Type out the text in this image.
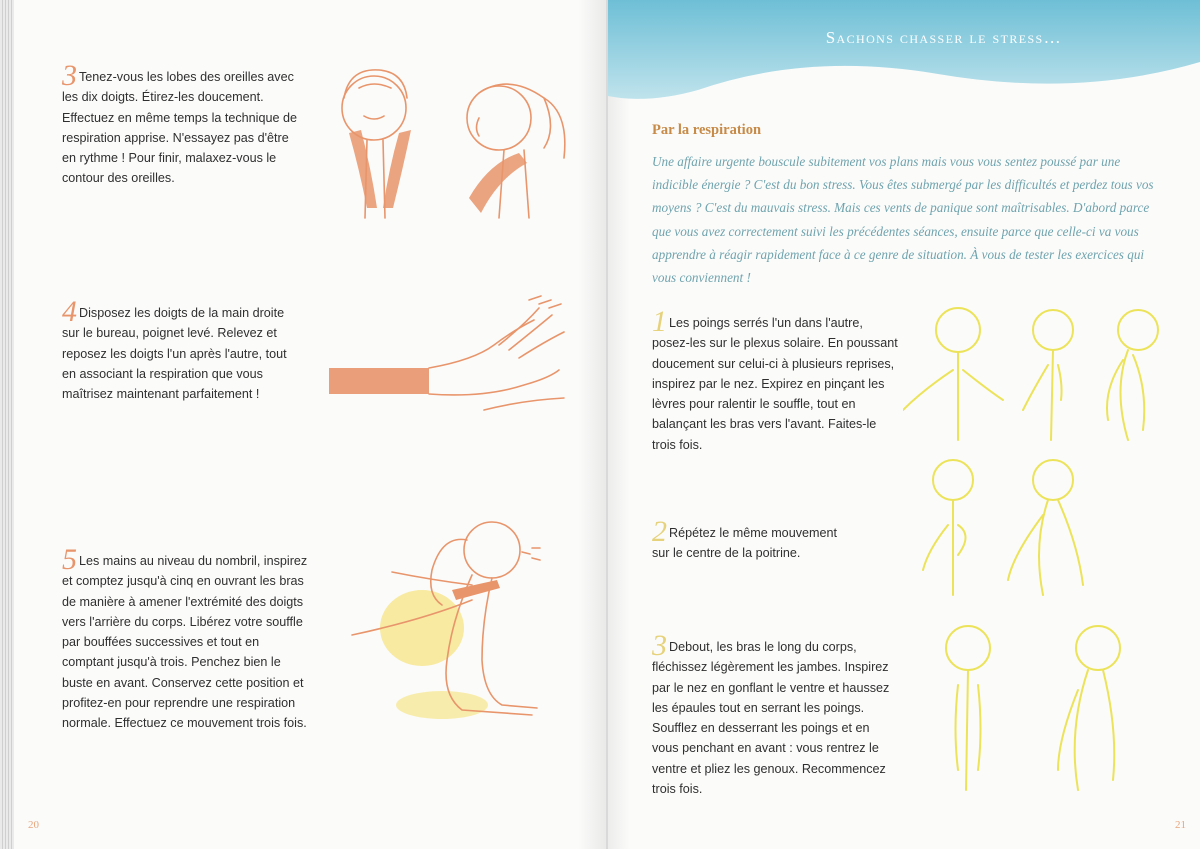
3 Tenez-vous les lobes des oreilles avec les dix doigts. Étirez-les doucement. Effectuez en même temps la technique de respiration apprise. N'essayez pas d'être en rythme ! Pour finir, malaxez-vous le contour des oreilles.
4 Disposez les doigts de la main droite sur le bureau, poignet levé. Relevez et reposez les doigts l'un après l'autre, tout en associant la respiration que vous maîtrisez maintenant parfaitement !
5 Les mains au niveau du nombril, inspirez et comptez jusqu'à cinq en ouvrant les bras de manière à amener l'extrémité des doigts vers l'arrière du corps. Libérez votre souffle par bouffées successives et tout en comptant jusqu'à trois. Penchez bien le buste en avant. Conservez cette position et profitez-en pour reprendre une respiration normale. Effectuez ce mouvement trois fois.
20
Sachons chasser le stress…
Par la respiration
Une affaire urgente bouscule subitement vos plans mais vous vous sentez poussé par une indicible énergie ? C'est du bon stress. Vous êtes submergé par les difficultés et perdez tous vos moyens ? C'est du mauvais stress. Mais ces vents de panique sont maîtrisables. D'abord parce que vous avez correctement suivi les précédentes séances, ensuite parce que celle-ci va vous apprendre à réagir rapidement face à ce genre de situation. À vous de tester les exercices qui vous conviennent !
1 Les poings serrés l'un dans l'autre, posez-les sur le plexus solaire. En poussant doucement sur celui-ci à plusieurs reprises, inspirez par le nez. Expirez en pinçant les lèvres pour ralentir le souffle, tout en balançant les bras vers l'avant. Faites-le trois fois.
2 Répétez le même mouvement sur le centre de la poitrine.
3 Debout, les bras le long du corps, fléchissez légèrement les jambes. Inspirez par le nez en gonflant le ventre et haussez les épaules tout en serrant les poings. Soufflez en desserrant les poings et en vous penchant en avant : vous rentrez le ventre et pliez les genoux. Recommencez trois fois.
21
